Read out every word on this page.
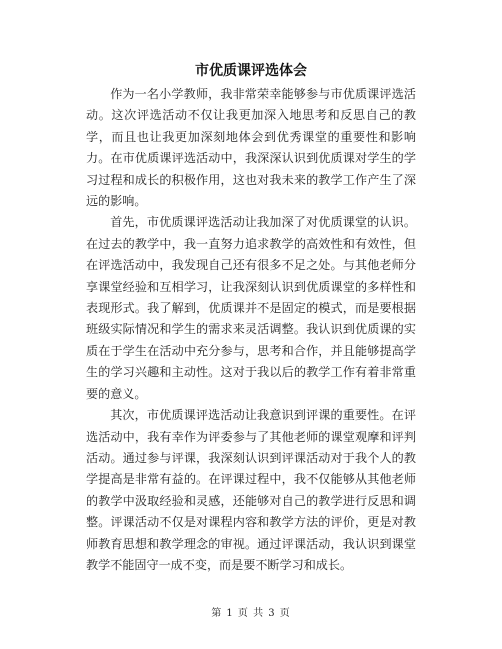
市优质课评选体会

作为一名小学教师，我非常荣幸能够参与市优质课评选活动。这次评选活动不仅让我更加深入地思考和反思自己的教学，而且也让我更加深刻地体会到优秀课堂的重要性和影响力。在市优质课评选活动中，我深深认识到优质课对学生的学习过程和成长的积极作用，这也对我未来的教学工作产生了深远的影响。

首先，市优质课评选活动让我加深了对优质课堂的认识。在过去的教学中，我一直努力追求教学的高效性和有效性，但在评选活动中，我发现自己还有很多不足之处。与其他老师分享课堂经验和互相学习，让我深刻认识到优质课堂的多样性和表现形式。我了解到，优质课并不是固定的模式，而是要根据班级实际情况和学生的需求来灵活调整。我认识到优质课的实质在于学生在活动中充分参与，思考和合作，并且能够提高学生的学习兴趣和主动性。这对于我以后的教学工作有着非常重要的意义。

其次，市优质课评选活动让我意识到评课的重要性。在评选活动中，我有幸作为评委参与了其他老师的课堂观摩和评判活动。通过参与评课，我深刻认识到评课活动对于我个人的教学提高是非常有益的。在评课过程中，我不仅能够从其他老师的教学中汲取经验和灵感，还能够对自己的教学进行反思和调整。评课活动不仅是对课程内容和教学方法的评价，更是对教师教育思想和教学理念的审视。通过评课活动，我认识到课堂教学不能固守一成不变，而是要不断学习和成长。

第 1 页 共 3 页
